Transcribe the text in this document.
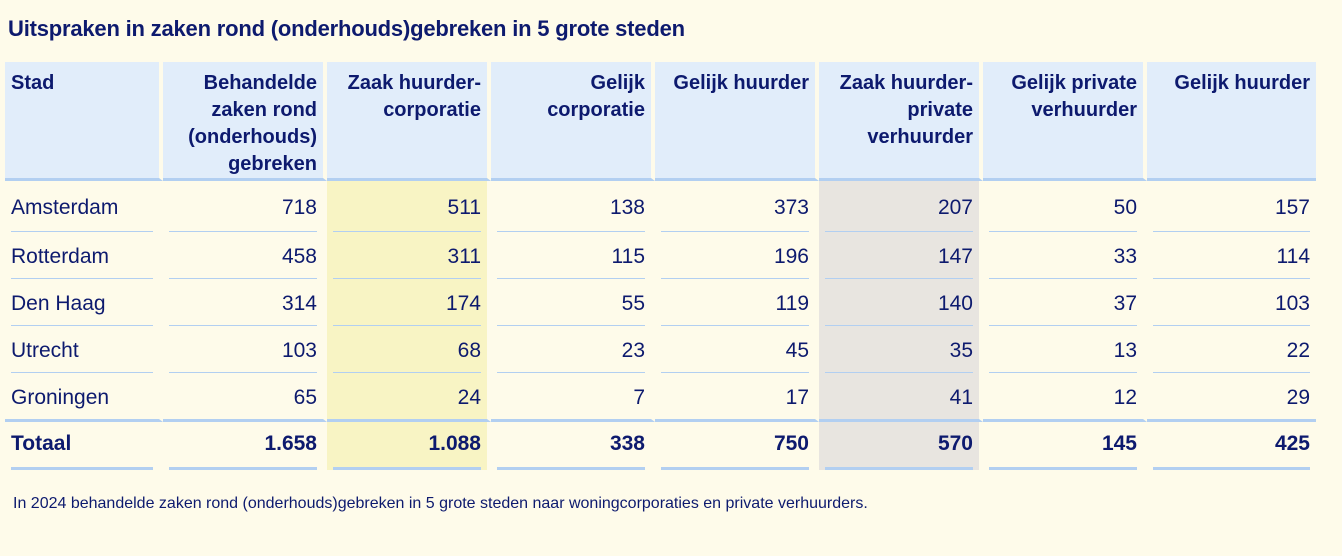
Uitspraken in zaken rond (onderhouds)gebreken in 5 grote steden
Stad	Behandelde zaken rond (onderhouds) gebreken	Zaak huurder-corporatie	Gelijk corporatie	Gelijk huurder	Zaak huurder-private verhuurder	Gelijk private verhuurder	Gelijk huurder

Amsterdam	718	511	138	373	207	50	157

Rotterdam	458	311	115	196	147	33	114

Den Haag	314	174	55	119	140	37	103

Utrecht	103	68	23	45	35	13	22

Groningen	65	24	7	17	41	12	29

Totaal	1.658	1.088	338	750	570	145	425
In 2024 behandelde zaken rond (onderhouds)gebreken in 5 grote steden naar woningcorporaties en private verhuurders.
